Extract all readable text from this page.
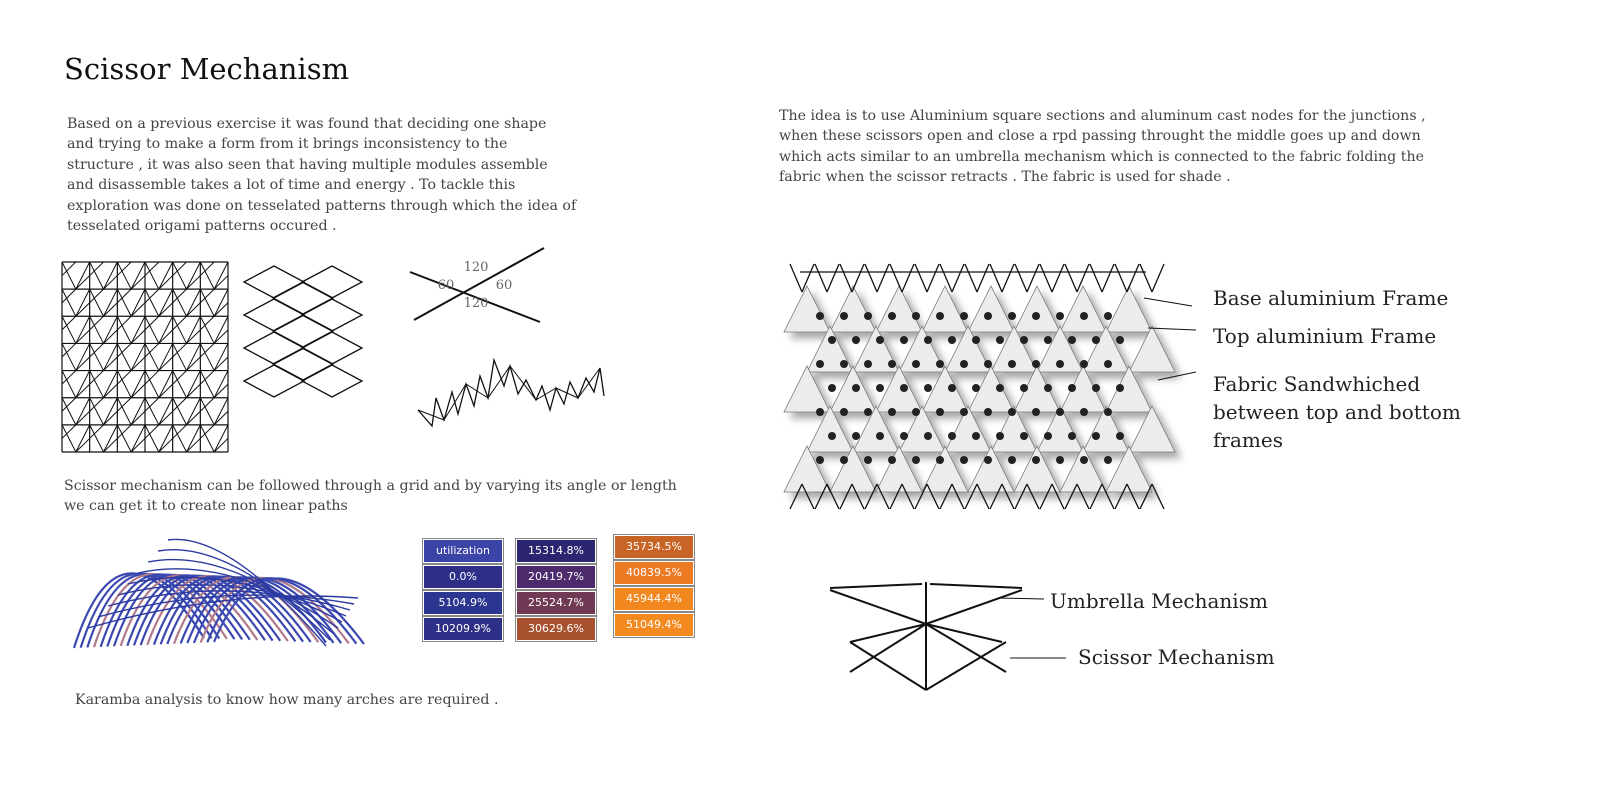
Scissor Mechanism
Based on a previous exercise it was found that deciding one shape
and trying to make a form from it brings inconsistency to the
structure , it was also seen that having multiple modules assemble
and disassemble takes a lot of time and energy . To tackle this
exploration was done on tesselated patterns through which the idea of
tesselated origami patterns occured .
120
120
60	60
Scissor mechanism can be followed through a grid and by varying its angle or length
we can get it to create non linear paths
utilization
0.0%
5104.9%
10209.9%
15314.8%
20419.7%
25524.7%
30629.6%
35734.5%
40839.5%
45944.4%
51049.4%
Karamba analysis to know how many arches are required .
The idea is to use Aluminium square sections and aluminum cast nodes for the junctions ,
when these scissors open and close a rpd passing throught the middle goes up and down
which acts similar to an umbrella mechanism which is connected to the fabric folding the
fabric when the scissor retracts . The fabric is used for shade .
Base aluminium Frame
Top aluminium Frame
Fabric Sandwhiched
between top and bottom
frames
Umbrella Mechanism
Scissor Mechanism
